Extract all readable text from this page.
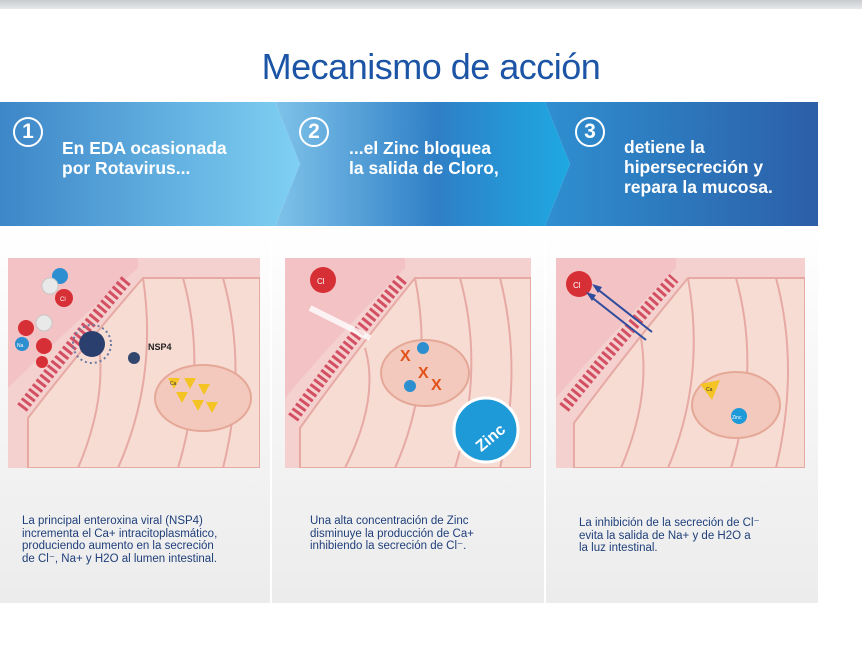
Mecanismo de acción
1	2	3
En EDA ocasionada
por Rotavirus...
...el Zinc bloquea
la salida de Cloro,
detiene la
hipersecreción y
repara la mucosa.
NSP4
Cl
Na
Ca
Cl
X
X
X
Zinc
Cl
Ca
Zinc
La principal enteroxina viral (NSP4)
incrementa el Ca+ intracitoplasmático,
produciendo aumento en la secreción
de Cl⁻, Na+ y H2O al lumen intestinal.
Una alta concentración de Zinc
disminuye la producción de Ca+
inhibiendo la secreción de Cl⁻.
La inhibición de la secreción de Cl⁻
evita la salida de Na+ y de H2O a
la luz intestinal.
